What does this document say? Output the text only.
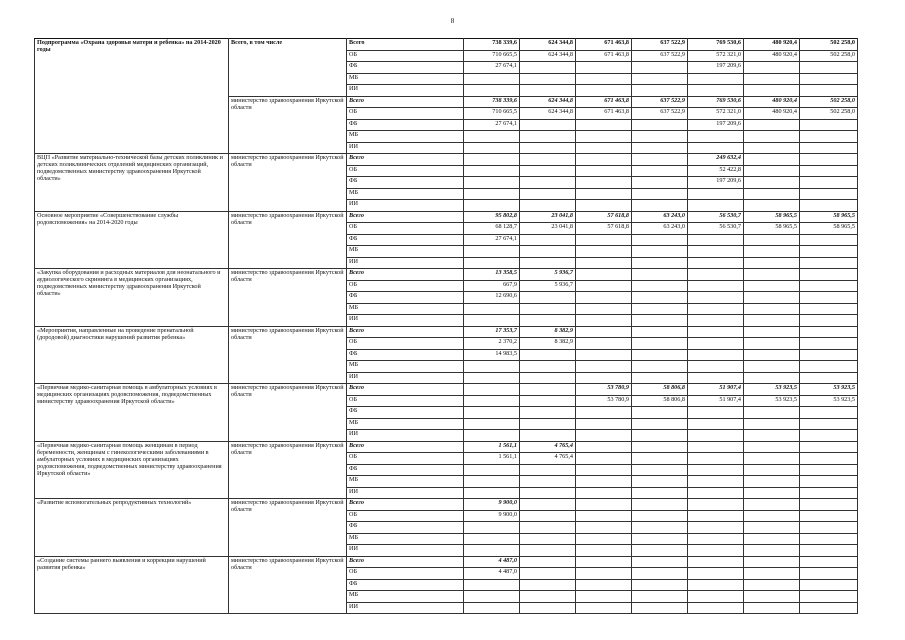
8
Подпрограмма «Охрана здоровья матери и ребенка» на 2014-2020 годы	Всего, в том числе	Всего	738 339,6	624 344,8	671 463,8	637 522,9	769 530,6	480 920,4	502 258,0
		ОБ	710 665,5	624 344,8	671 463,8	637 522,9	572 321,0	480 920,4	502 258,0
		ФБ	27 674,1				197 209,6		
		МБ							
		ИИ							
	министерство здравоохранения Иркутской области	Всего	738 339,6	624 344,8	671 463,8	637 522,9	769 530,6	480 920,4	502 258,0
		ОБ	710 665,5	624 344,8	671 463,8	637 522,9	572 321,0	480 920,4	502 258,0
		ФБ	27 674,1				197 209,6		
		МБ							
		ИИ							
ВЦП «Развитие материально-технической базы детских поликлиник и детских поликлинических отделений медицинских организаций, подведомственных министерству здравоохранения Иркутской области»	министерство здравоохранения Иркутской области	Всего					249 632,4		
		ОБ					52 422,8		
		ФБ					197 209,6		
		МБ							
		ИИ							
Основное мероприятие «Совершенствование службы родовспоможения» на 2014-2020 годы	министерство здравоохранения Иркутской области	Всего	95 802,8	23 041,8	57 618,8	63 243,0	56 530,7	58 965,5	58 965,5
		ОБ	68 128,7	23 041,8	57 618,8	63 243,0	56 530,7	58 965,5	58 965,5
		ФБ	27 674,1						
		МБ							
		ИИ							
«Закупка оборудования и расходных материалов для неонатального и аудиологического скрининга в медицинских организациях, подведомственных министерству здравоохранения Иркутской области»	министерство здравоохранения Иркутской области	Всего	13 358,5	5 936,7					
		ОБ	667,9	5 936,7					
		ФБ	12 690,6						
		МБ							
		ИИ							
«Мероприятия, направленные на проведение пренатальной (дородовой) диагностики нарушений развития ребенка»	министерство здравоохранения Иркутской области	Всего	17 353,7	8 382,9					
		ОБ	2 370,2	8 382,9					
		ФБ	14 983,5						
		МБ							
		ИИ							
«Первичная медико-санитарная помощь в амбулаторных условиях в медицинских организациях родовспоможения, подведомственных министерству здравоохранения Иркутской области»	министерство здравоохранения Иркутской области	Всего			53 780,9	58 806,8	51 907,4	53 923,5	53 923,5
		ОБ			53 780,9	58 806,8	51 907,4	53 923,5	53 923,5
		ФБ							
		МБ							
		ИИ							
«Первичная медико-санитарная помощь женщинам в период беременности, женщинам с гинекологическими заболеваниями в амбулаторных условиях в медицинских организациях родовспоможения, подведомственных министерству здравоохранения Иркутской области»	министерство здравоохранения Иркутской области	Всего	1 561,1	4 765,4					
		ОБ	1 561,1	4 765,4					
		ФБ							
		МБ							
		ИИ							
«Развитие вспомогательных репродуктивных технологий»	министерство здравоохранения Иркутской области	Всего	9 900,0						
		ОБ	9 900,0						
		ФБ							
		МБ							
		ИИ							
«Создание системы раннего выявления и коррекции нарушений развития ребенка»	министерство здравоохранения Иркутской области	Всего	4 487,0						
		ОБ	4 487,0						
		ФБ							
		МБ							
		ИИ							
